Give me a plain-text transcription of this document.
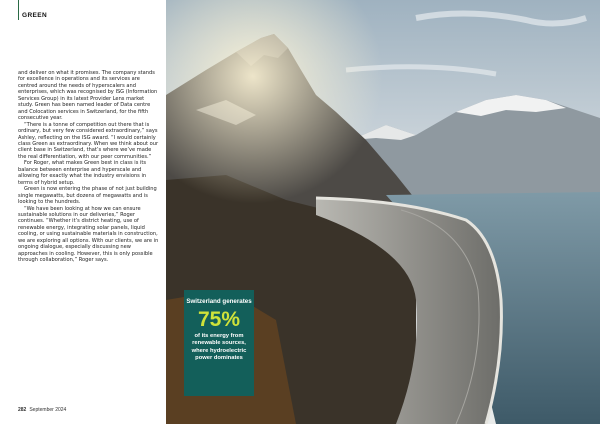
GREEN

and deliver on what it promises. The company stands for excellence in operations and its services are centred around the needs of hyperscalers and enterprises, which was recognised by ISG (Information Services Group) in its latest Provider Lens market study. Green has been named leader of Data centre and Colocation services in Switzerland, for the fifth consecutive year.

“There is a tonne of competition out there that is ordinary, but very few considered extraordinary,” says Ashley, reflecting on the ISG award. “I would certainly class Green as extraordinary. When we think about our client base in Switzerland, that’s where we’ve made the real differentiation, with our peer communities.”

For Roger, what makes Green best in class is its balance between enterprise and hyperscale and allowing for exactly what the industry envisions in terms of hybrid setup.

Green is now entering the phase of not just building single megawatts, but dozens of megawatts and is looking to the hundreds.

“We have been looking at how we can ensure sustainable solutions in our deliveries,” Roger continues. “Whether it’s district heating, use of renewable energy, integrating solar panels, liquid cooling, or using sustainable materials in construction, we are exploring all options. With our clients, we are in ongoing dialogue, especially discussing new approaches in cooling. However, this is only possible through collaboration,” Roger says.

282 September 2024
Switzerland generates
75%
of its energy from renewable sources, where hydroelectric power dominates
